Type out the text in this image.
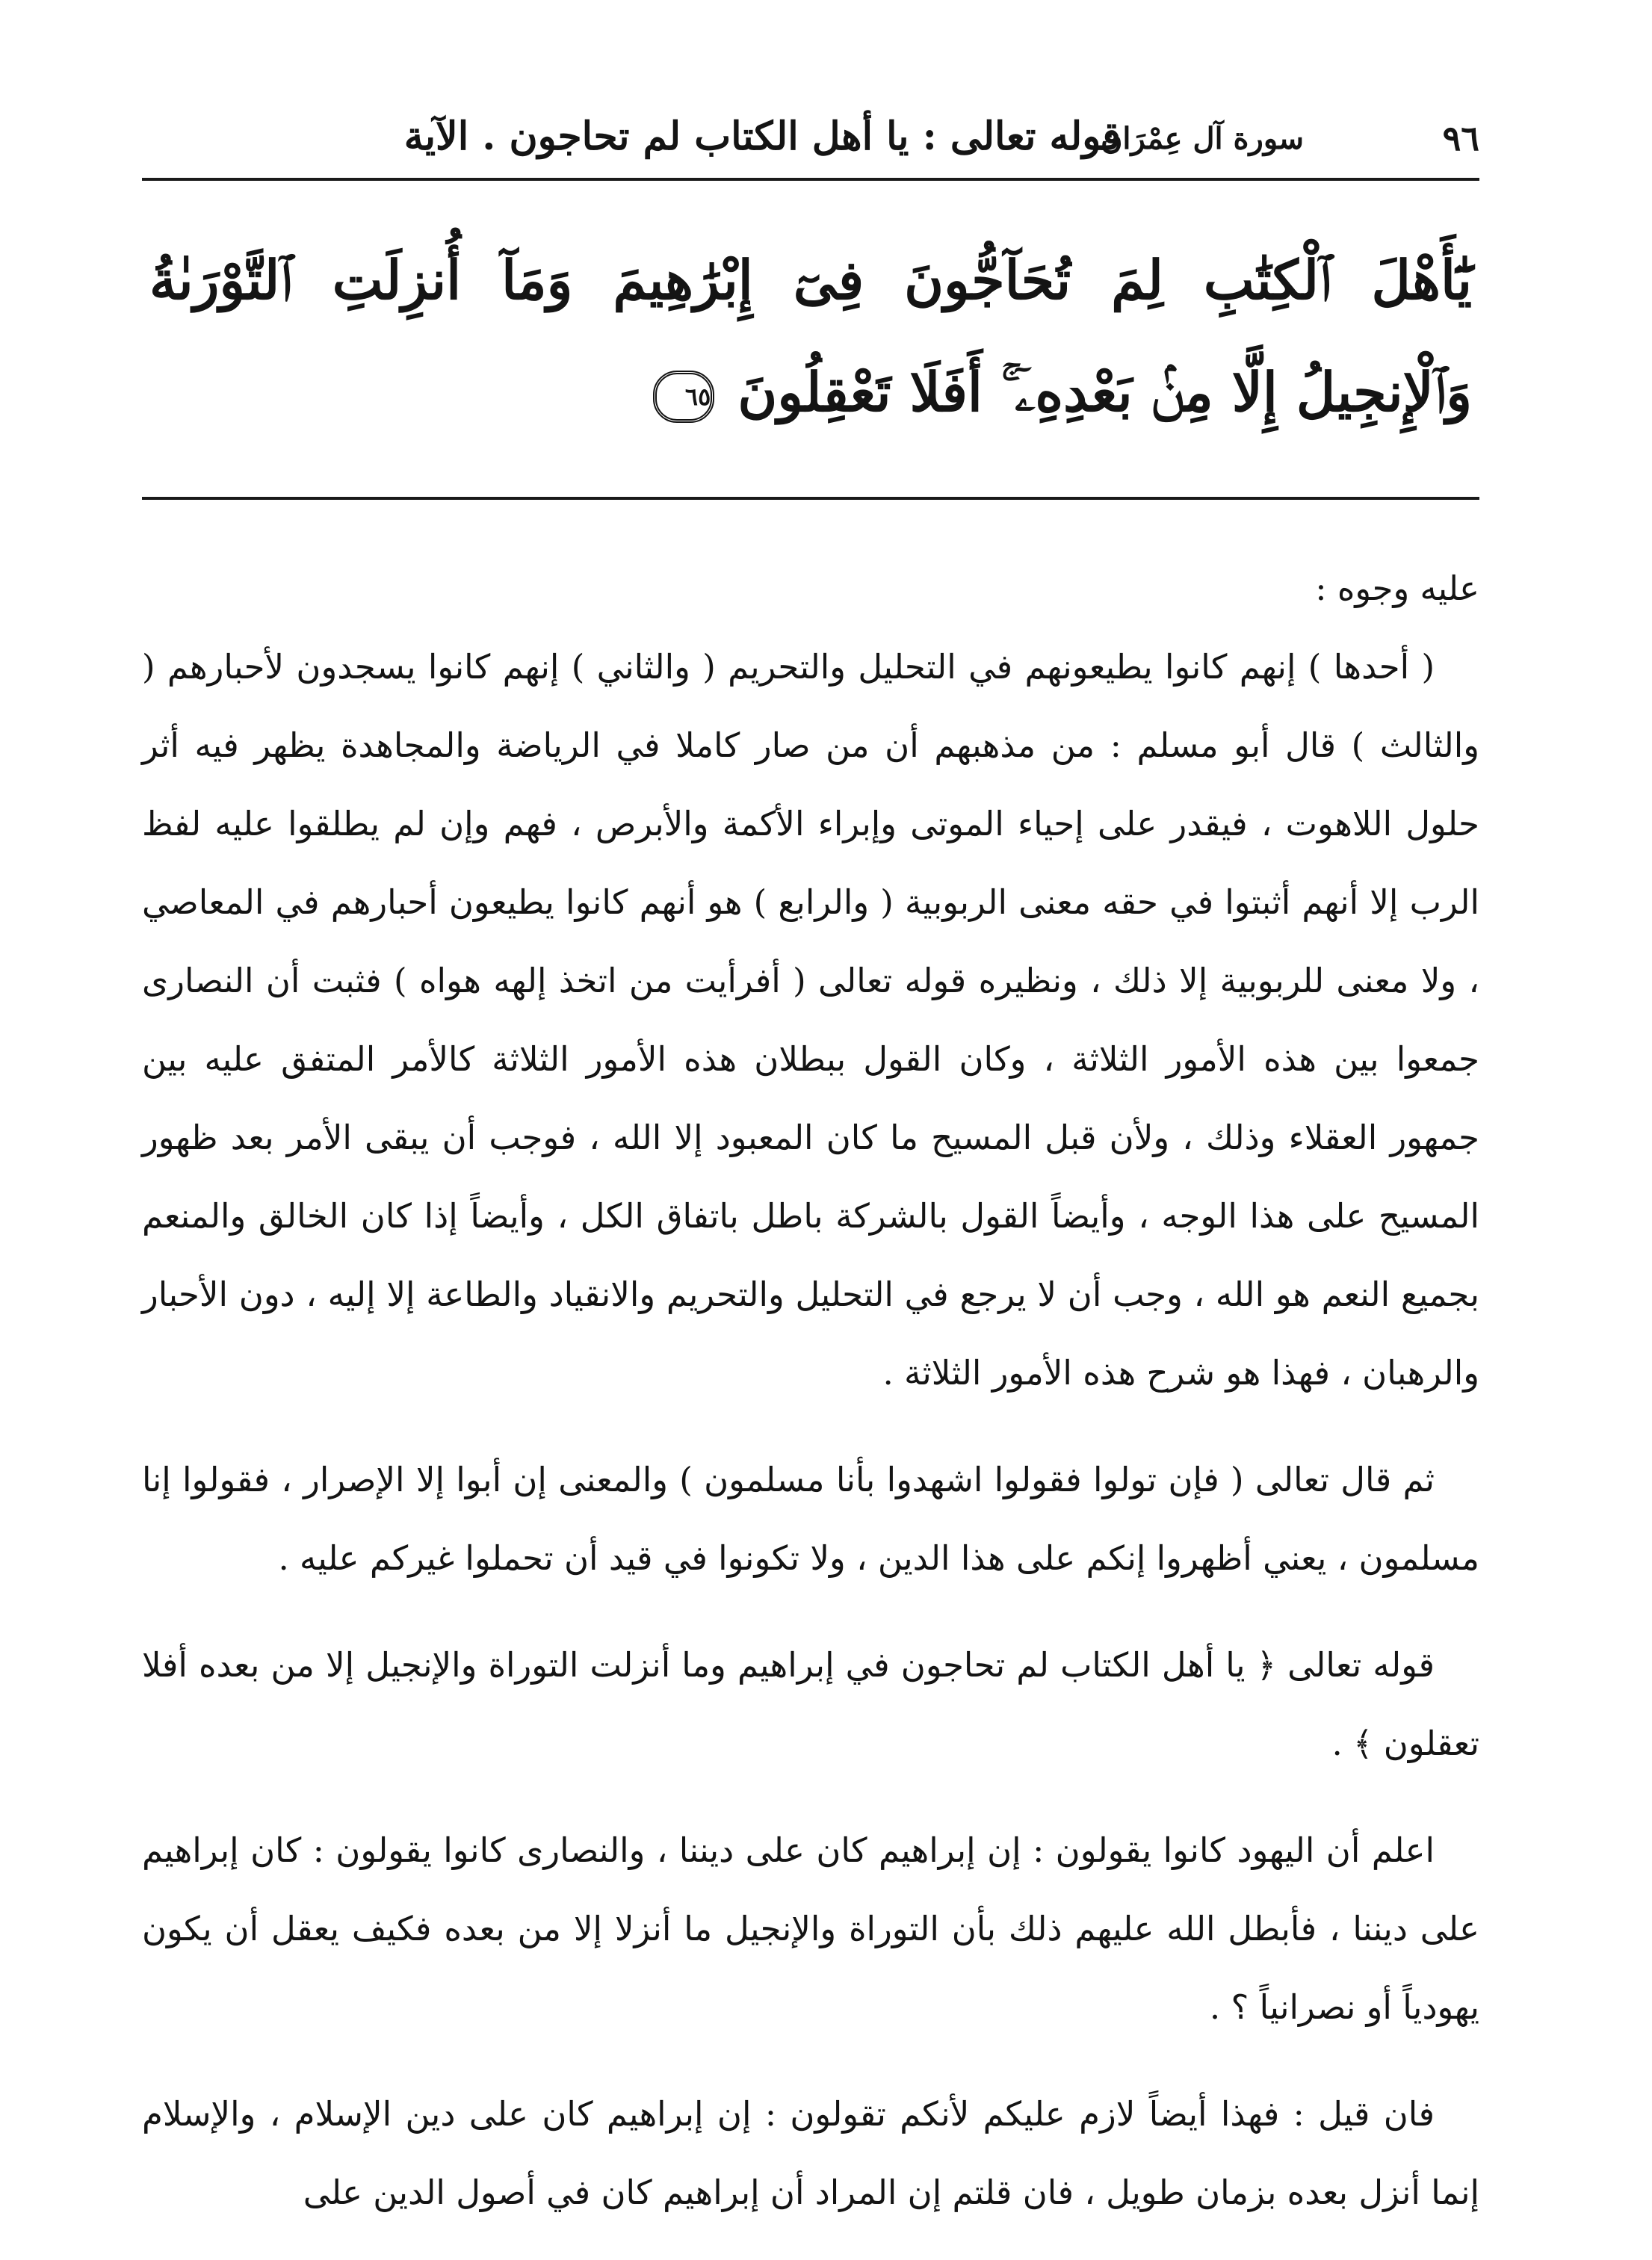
٩٦
سورة آل عِمْرَان
قوله تعالى : يا أهل الكتاب لم تحاجون . الآية
يَٰٓأَهْلَ ٱلْكِتَٰبِ لِمَ تُحَآجُّونَ فِىٓ إِبْرَٰهِيمَ وَمَآ أُنزِلَتِ ٱلتَّوْرَىٰةُ وَٱلْإِنجِيلُ إِلَّا مِنۢ بَعْدِهِۦٓ ۚ أَفَلَا تَعْقِلُونَ ٦٥

عليه وجوه :

( أحدها ) إنهم كانوا يطيعونهم في التحليل والتحريم ( والثاني ) إنهم كانوا يسجدون لأحبارهم ( والثالث ) قال أبو مسلم : من مذهبهم أن من صار كاملا في الرياضة والمجاهدة يظهر فيه أثر حلول اللاهوت ، فيقدر على إحياء الموتى وإبراء الأكمة والأبرص ، فهم وإن لم يطلقوا عليه لفظ الرب إلا أنهم أثبتوا في حقه معنى الربوبية ( والرابع ) هو أنهم كانوا يطيعون أحبارهم في المعاصي ، ولا معنى للربوبية إلا ذلك ، ونظيره قوله تعالى ( أفرأيت من اتخذ إلهه هواه ) فثبت أن النصارى جمعوا بين هذه الأمور الثلاثة ، وكان القول ببطلان هذه الأمور الثلاثة كالأمر المتفق عليه بين جمهور العقلاء وذلك ، ولأن قبل المسيح ما كان المعبود إلا الله ، فوجب أن يبقى الأمر بعد ظهور المسيح على هذا الوجه ، وأيضاً القول بالشركة باطل باتفاق الكل ، وأيضاً إذا كان الخالق والمنعم بجميع النعم هو الله ، وجب أن لا يرجع في التحليل والتحريم والانقياد والطاعة إلا إليه ، دون الأحبار والرهبان ، فهذا هو شرح هذه الأمور الثلاثة .

ثم قال تعالى ( فإن تولوا فقولوا اشهدوا بأنا مسلمون ) والمعنى إن أبوا إلا الإصرار ، فقولوا إنا مسلمون ، يعني أظهروا إنكم على هذا الدين ، ولا تكونوا في قيد أن تحملوا غيركم عليه .

قوله تعالى ﴿ يا أهل الكتاب لم تحاجون في إبراهيم وما أنزلت التوراة والإنجيل إلا من بعده أفلا تعقلون ﴾ .

اعلم أن اليهود كانوا يقولون : إن إبراهيم كان على ديننا ، والنصارى كانوا يقولون : كان إبراهيم على ديننا ، فأبطل الله عليهم ذلك بأن التوراة والإنجيل ما أنزلا إلا من بعده فكيف يعقل أن يكون يهودياً أو نصرانياً ؟ .

فان قيل : فهذا أيضاً لازم عليكم لأنكم تقولون : إن إبراهيم كان على دين الإسلام ، والإسلام إنما أنزل بعده بزمان طويل ، فان قلتم إن المراد أن إبراهيم كان في أصول الدين على
